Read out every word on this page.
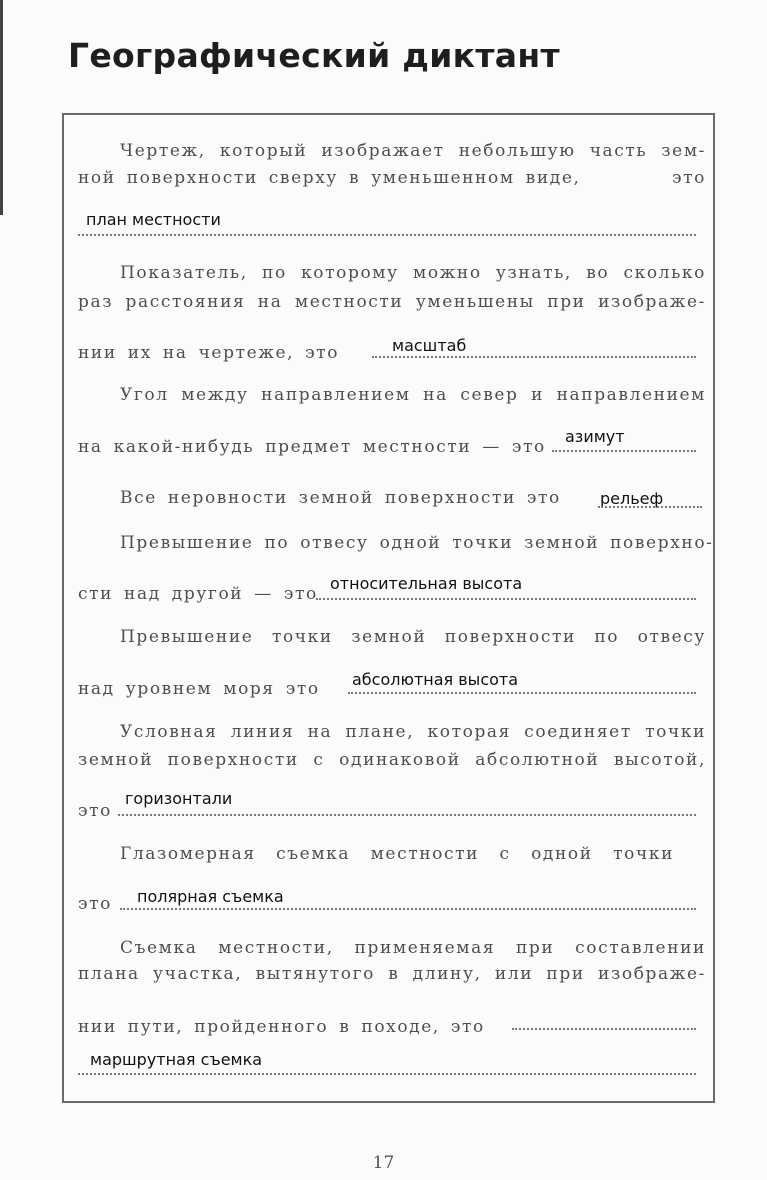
Географический диктант

Чертеж, который изображает небольшую часть зем-

ной поверхности сверху в уменьшенном виде,	это

план местности

Показатель, по которому можно узнать, во сколько

раз расстояния на местности уменьшены при изображе-

нии их на чертеже, это	масштаб

Угол между направлением на север и направлением

на какой-нибудь предмет местности — это

азимут

Все неровности земной поверхности это рельеф

Превышение по отвесу одной точки земной поверхно-

сти над другой — это

относительная высота

Превышение точки земной поверхности по отвесу

над уровнем моря это абсолютная высота

Условная линия на плане, которая соединяет точки

земной поверхности с одинаковой абсолютной высотой,

это

горизонтали

Глазомерная съемка местности с одной точки

это полярная съемка

Съемка местности, применяемая при составлении

плана участка, вытянутого в длину, или при изображе-

нии пути, пройденного в походе, это

маршрутная съемка

17
